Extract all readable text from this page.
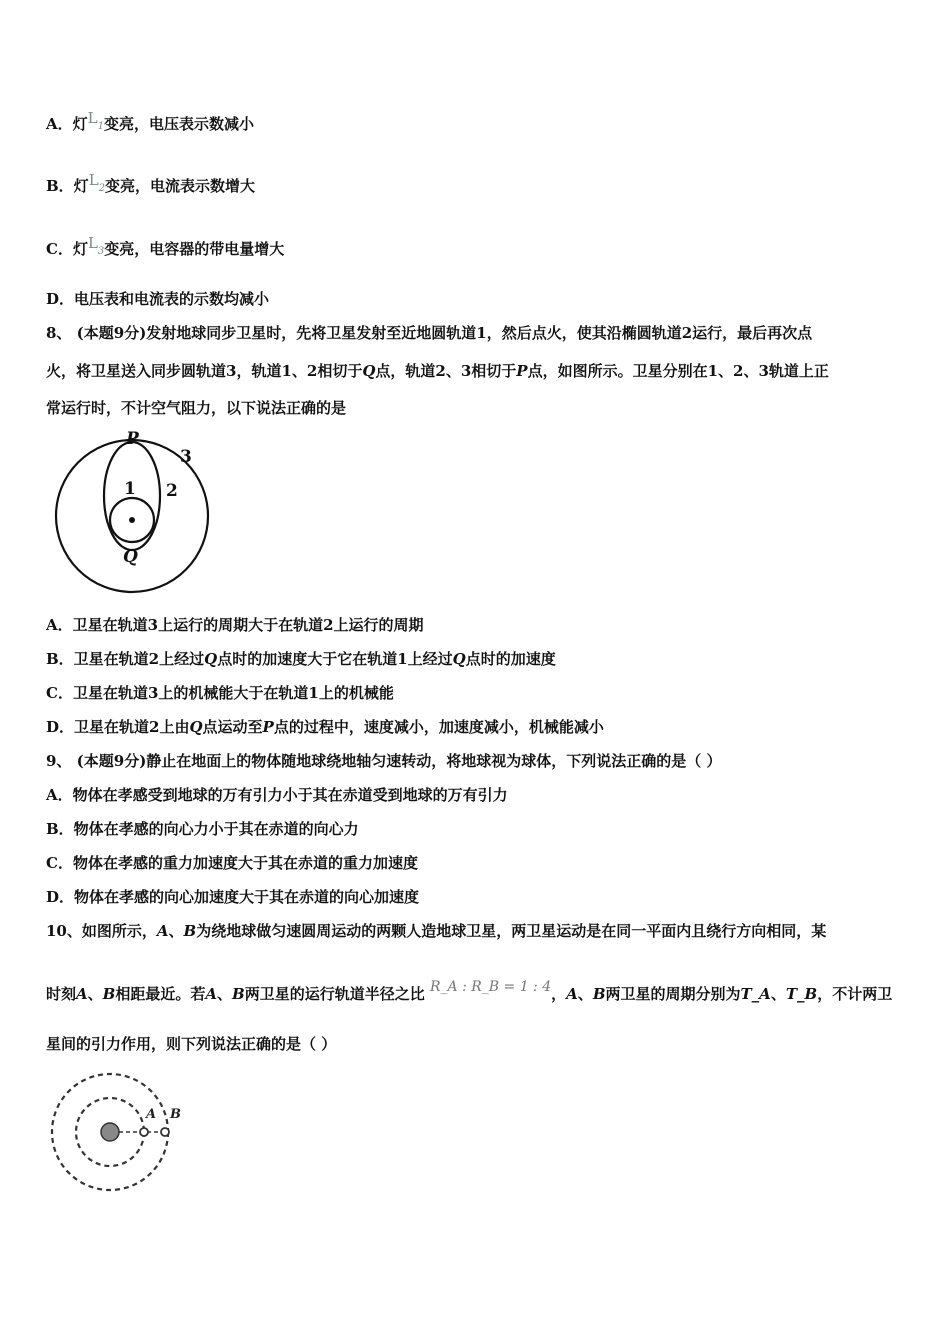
A．灯L1变亮，电压表示数减小
B．灯L2变亮，电流表示数增大
C．灯L3变亮，电容器的带电量增大
D．电压表和电流表的示数均减小
8、 (本题9分)发射地球同步卫星时，先将卫星发射至近地圆轨道1，然后点火，使其沿椭圆轨道2运行，最后再次点
火，将卫星送入同步圆轨道3，轨道1、2相切于Q点，轨道2、3相切于P点，如图所示。卫星分别在1、2、3轨道上正
常运行时，不计空气阻力，以下说法正确的是
P
Q
1 2
3
A．卫星在轨道3上运行的周期大于在轨道2上运行的周期
B．卫星在轨道2上经过Q点时的加速度大于它在轨道1上经过Q点时的加速度
C．卫星在轨道3上的机械能大于在轨道1上的机械能
D．卫星在轨道2上由Q点运动至P点的过程中，速度减小，加速度减小，机械能减小
9、 (本题9分)静止在地面上的物体随地球绕地轴匀速转动，将地球视为球体，下列说法正确的是（ ）
A．物体在孝感受到地球的万有引力小于其在赤道受到地球的万有引力
B．物体在孝感的向心力小于其在赤道的向心力
C．物体在孝感的重力加速度大于其在赤道的重力加速度
D．物体在孝感的向心加速度大于其在赤道的向心加速度
10、如图所示，A、B为绕地球做匀速圆周运动的两颗人造地球卫星，两卫星运动是在同一平面内且绕行方向相同，某
时刻A、B相距最近。若A、B两卫星的运行轨道半径之比 R_A : R_B = 1 : 4，A、B两卫星的周期分别为T_A、T_B，不计两卫
星间的引力作用，则下列说法正确的是（ ）
A B
